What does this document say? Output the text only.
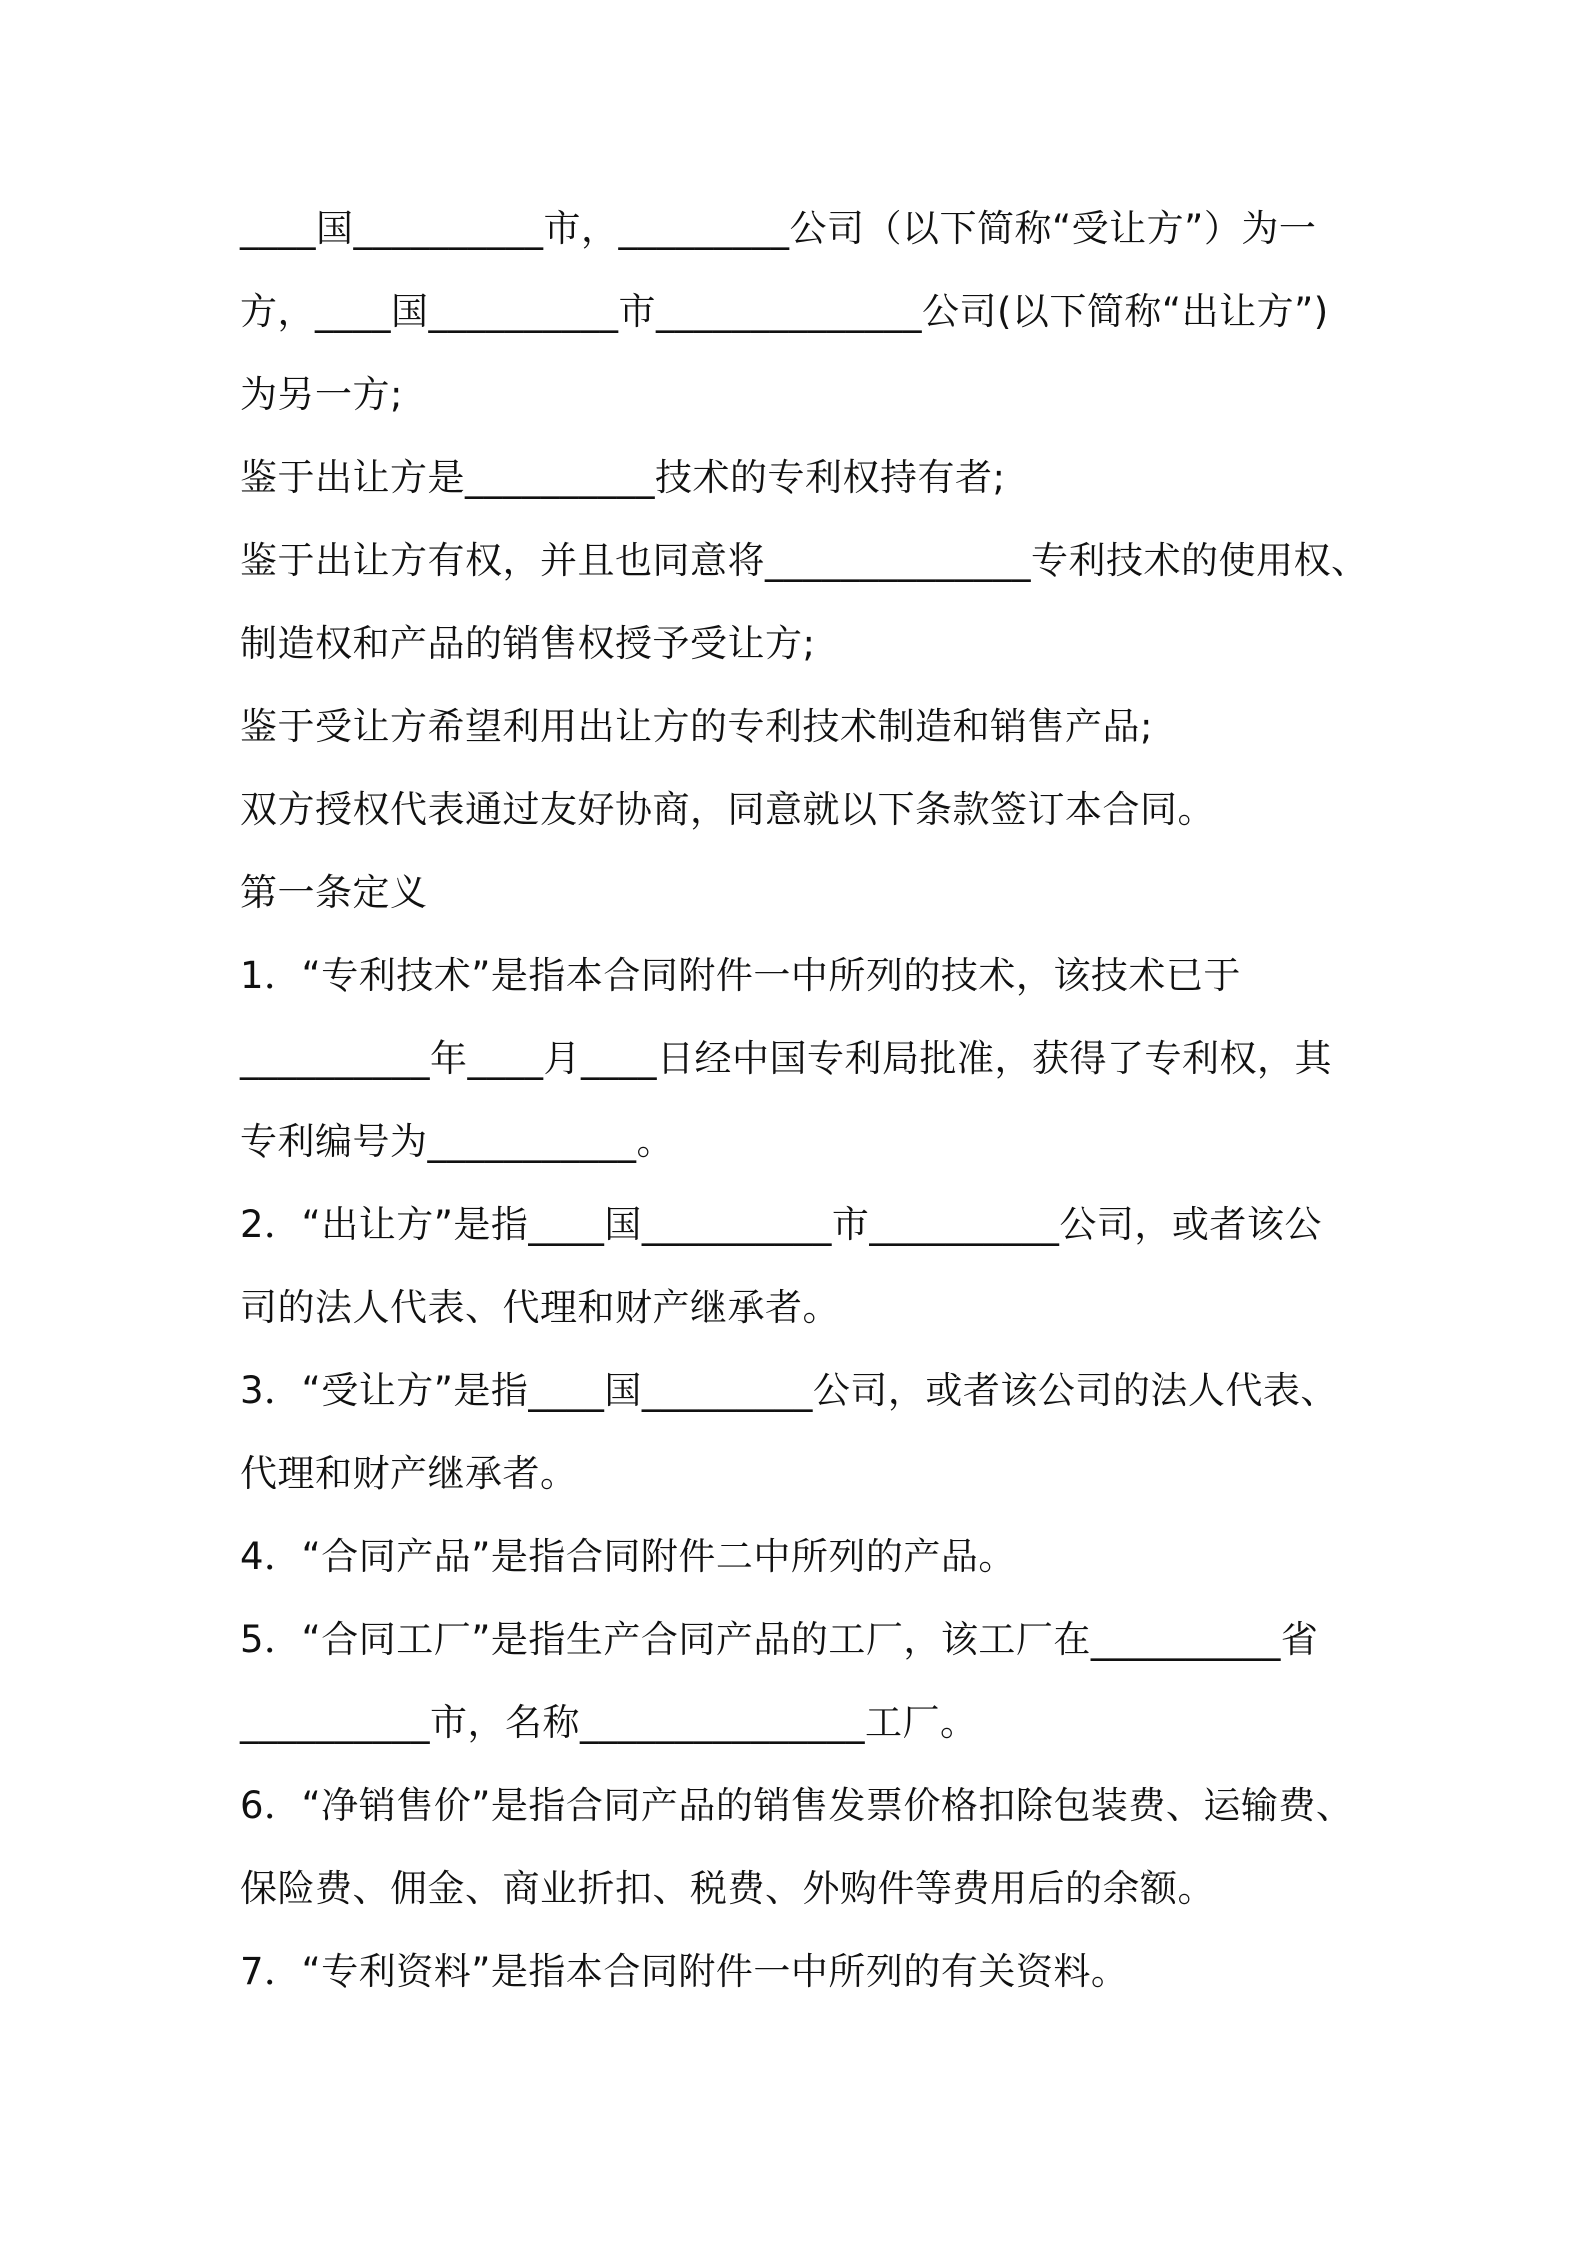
____国__________市，_________公司（以下简称“受让方”）为一
方，____国__________市______________公司(以下简称“出让方”)
为另一方;
鉴于出让方是__________技术的专利权持有者;
鉴于出让方有权，并且也同意将______________专利技术的使用权、
制造权和产品的销售权授予受让方;
鉴于受让方希望利用出让方的专利技术制造和销售产品;
双方授权代表通过友好协商，同意就以下条款签订本合同。
第一条定义
1．“专利技术”是指本合同附件一中所列的技术，该技术已于
__________年____月____日经中国专利局批准，获得了专利权，其
专利编号为___________。
2．“出让方”是指____国__________市__________公司，或者该公
司的法人代表、代理和财产继承者。
3．“受让方”是指____国_________公司，或者该公司的法人代表、
代理和财产继承者。
4．“合同产品”是指合同附件二中所列的产品。
5．“合同工厂”是指生产合同产品的工厂，该工厂在__________省
__________市，名称_______________工厂。
6．“净销售价”是指合同产品的销售发票价格扣除包装费、运输费、
保险费、佣金、商业折扣、税费、外购件等费用后的余额。
7．“专利资料”是指本合同附件一中所列的有关资料。
